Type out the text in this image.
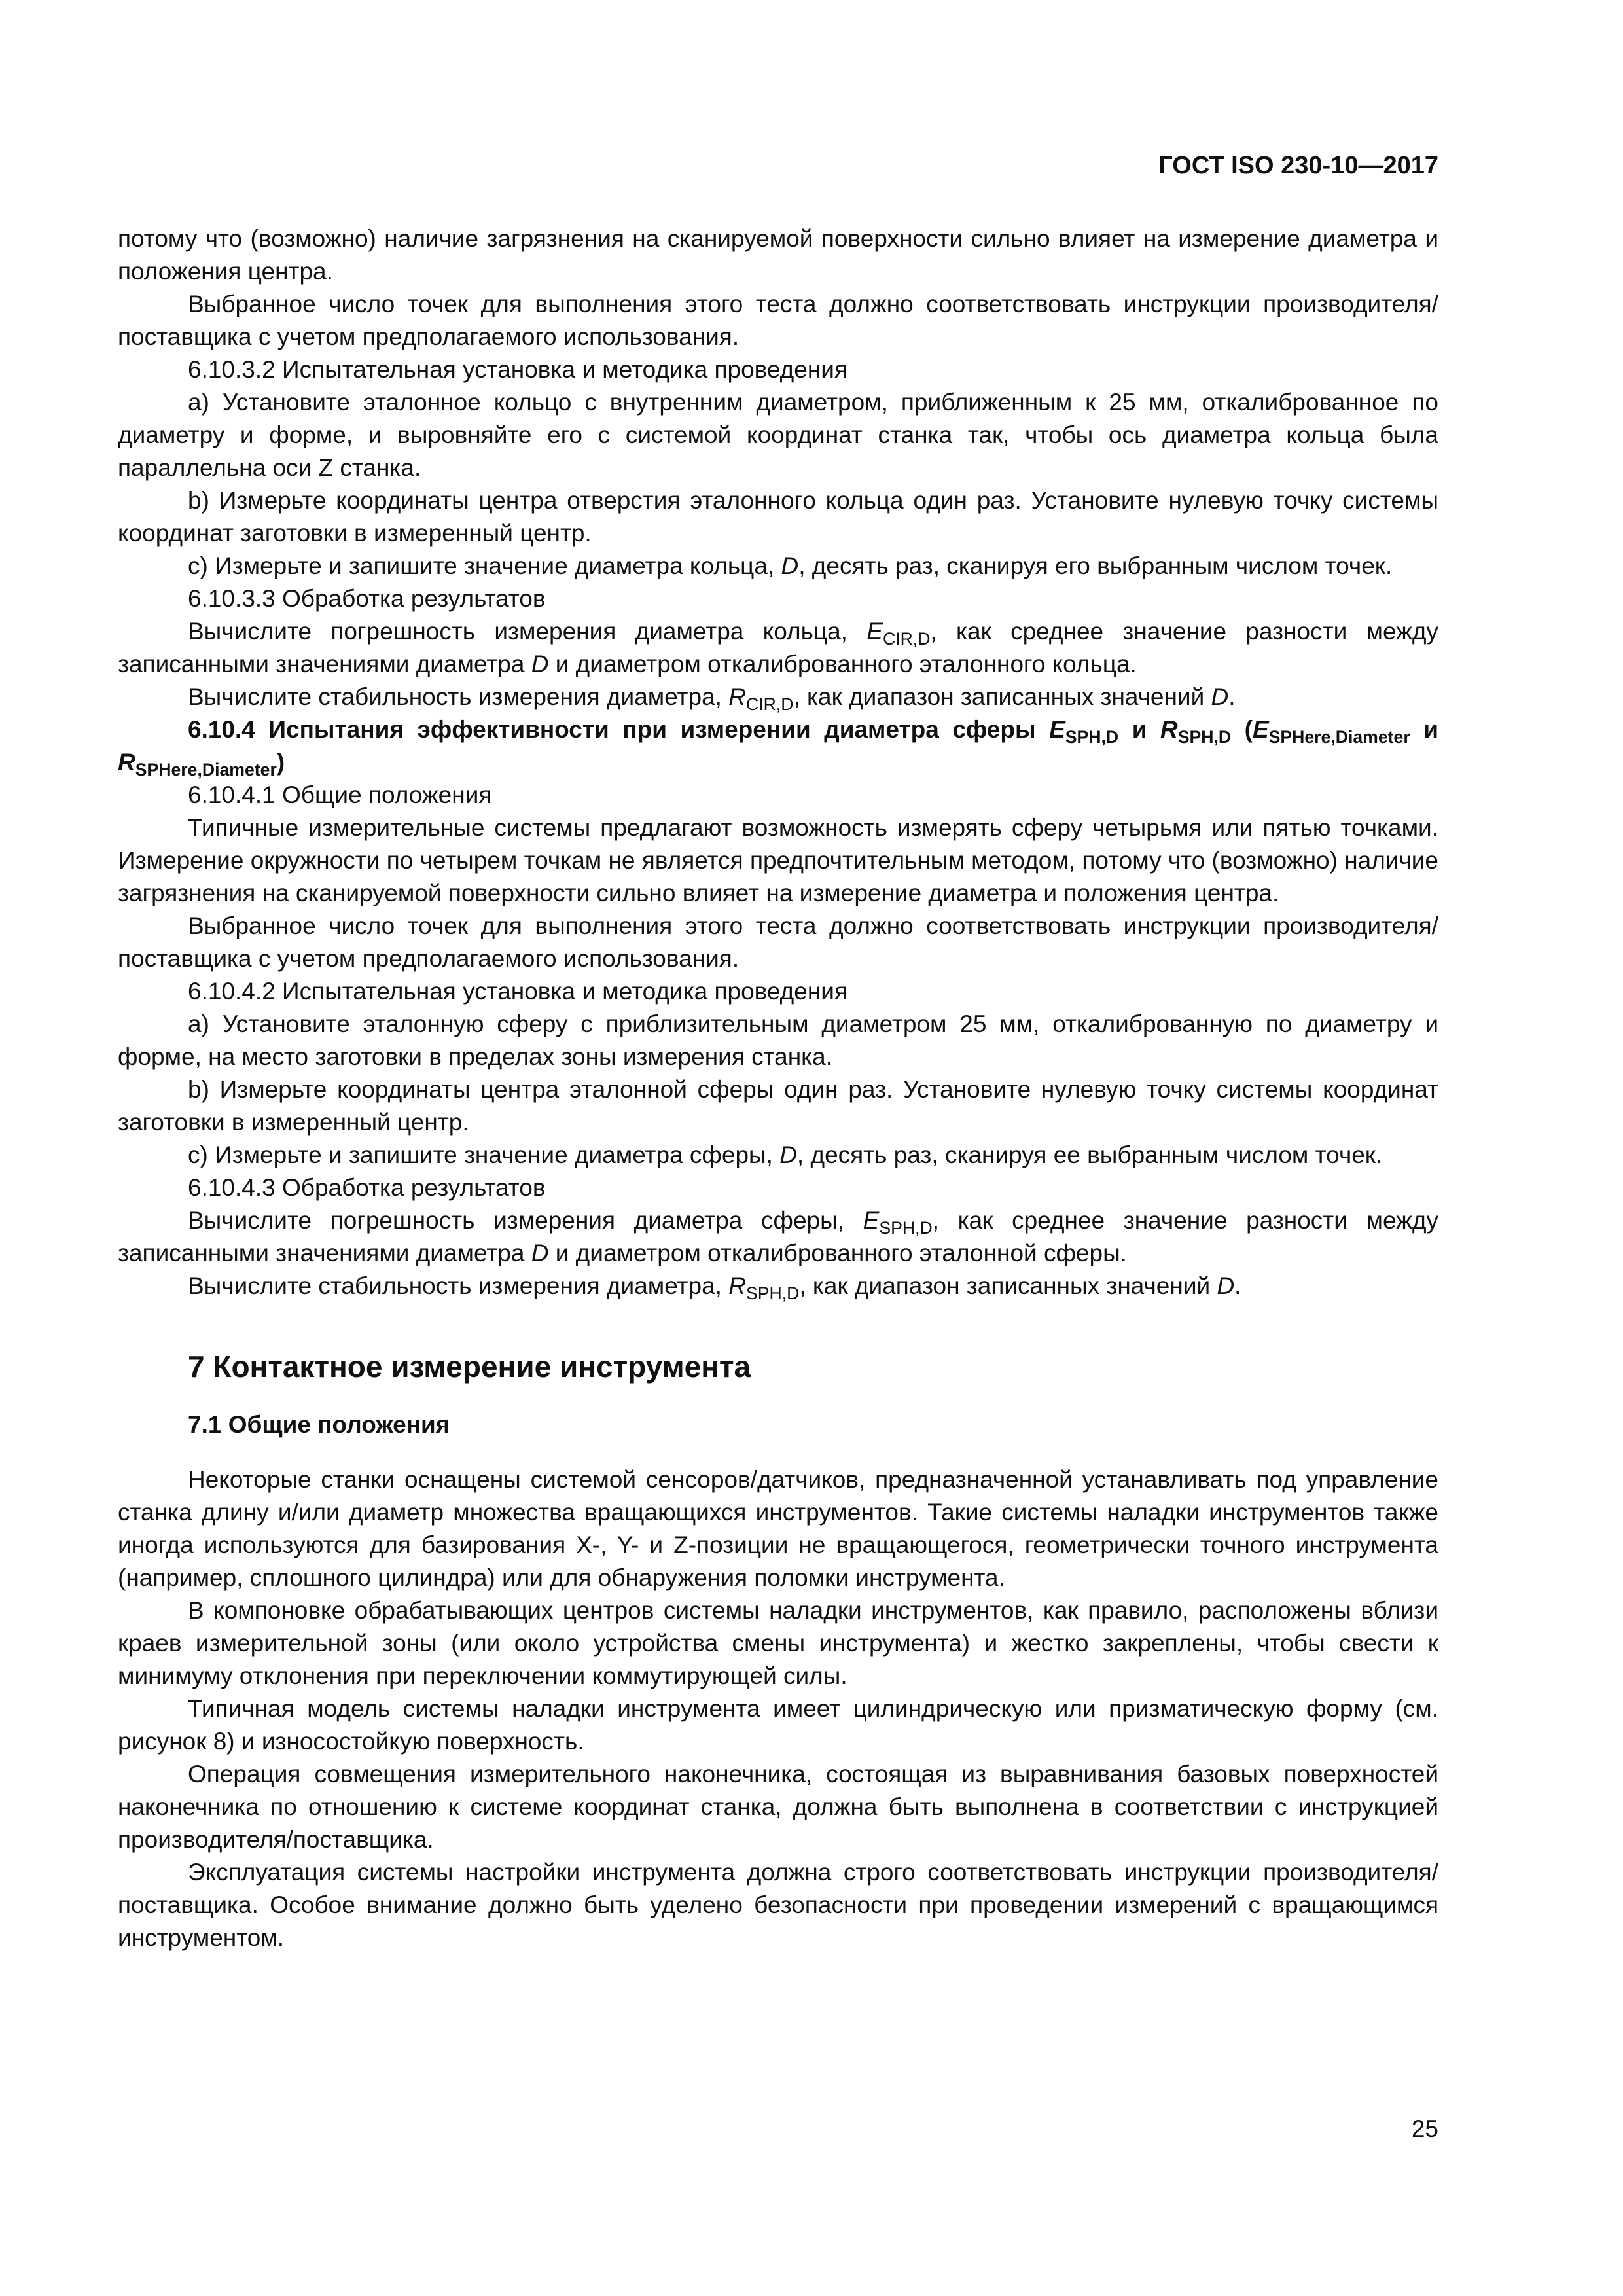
ГОСТ ISO 230-10—2017

потому что (возможно) наличие загрязнения на сканируемой поверхности сильно влияет на измерение диаметра и положения центра.

Выбранное число точек для выполнения этого теста должно соответствовать инструкции производителя/поставщика с учетом предполагаемого использования.

6.10.3.2 Испытательная установка и методика проведения

a) Установите эталонное кольцо с внутренним диаметром, приближенным к 25 мм, откалиброванное по диаметру и форме, и выровняйте его с системой координат станка так, чтобы ось диаметра кольца была параллельна оси Z станка.

b) Измерьте координаты центра отверстия эталонного кольца один раз. Установите нулевую точку системы координат заготовки в измеренный центр.

c) Измерьте и запишите значение диаметра кольца, D, десять раз, сканируя его выбранным числом точек.

6.10.3.3 Обработка результатов

Вычислите погрешность измерения диаметра кольца, $E_{CIR,D}$, как среднее значение разности между записанными значениями диаметра D и диаметром откалиброванного эталонного кольца.

Вычислите стабильность измерения диаметра, $R_{CIR,D}$, как диапазон записанных значений D.

6.10.4 Испытания эффективности при измерении диаметра сферы $E_{SPH,D}$ и $R_{SPH,D}$ ($E_{SPHere,Diameter}$ и $R_{SPHere,Diameter}$)

6.10.4.1 Общие положения

Типичные измерительные системы предлагают возможность измерять сферу четырьмя или пятью точками. Измерение окружности по четырем точкам не является предпочтительным методом, потому что (возможно) наличие загрязнения на сканируемой поверхности сильно влияет на измерение диаметра и положения центра.

Выбранное число точек для выполнения этого теста должно соответствовать инструкции производителя/поставщика с учетом предполагаемого использования.

6.10.4.2 Испытательная установка и методика проведения

a) Установите эталонную сферу с приблизительным диаметром 25 мм, откалиброванную по диаметру и форме, на место заготовки в пределах зоны измерения станка.

b) Измерьте координаты центра эталонной сферы один раз. Установите нулевую точку системы координат заготовки в измеренный центр.

c) Измерьте и запишите значение диаметра сферы, D, десять раз, сканируя ее выбранным числом точек.

6.10.4.3 Обработка результатов

Вычислите погрешность измерения диаметра сферы, $E_{SPH,D}$, как среднее значение разности между записанными значениями диаметра D и диаметром откалиброванного эталонной сферы.

Вычислите стабильность измерения диаметра, $R_{SPH,D}$, как диапазон записанных значений D.

7 Контактное измерение инструмента
7.1 Общие положения

Некоторые станки оснащены системой сенсоров/датчиков, предназначенной устанавливать под управление станка длину и/или диаметр множества вращающихся инструментов. Такие системы наладки инструментов также иногда используются для базирования X-, Y- и Z-позиции не вращающегося, геометрически точного инструмента (например, сплошного цилиндра) или для обнаружения поломки инструмента.

В компоновке обрабатывающих центров системы наладки инструментов, как правило, расположены вблизи краев измерительной зоны (или около устройства смены инструмента) и жестко закреплены, чтобы свести к минимуму отклонения при переключении коммутирующей силы.

Типичная модель системы наладки инструмента имеет цилиндрическую или призматическую форму (см. рисунок 8) и износостойкую поверхность.

Операция совмещения измерительного наконечника, состоящая из выравнивания базовых поверхностей наконечника по отношению к системе координат станка, должна быть выполнена в соответствии с инструкцией производителя/поставщика.

Эксплуатация системы настройки инструмента должна строго соответствовать инструкции производителя/поставщика. Особое внимание должно быть уделено безопасности при проведении измерений с вращающимся инструментом.

25
